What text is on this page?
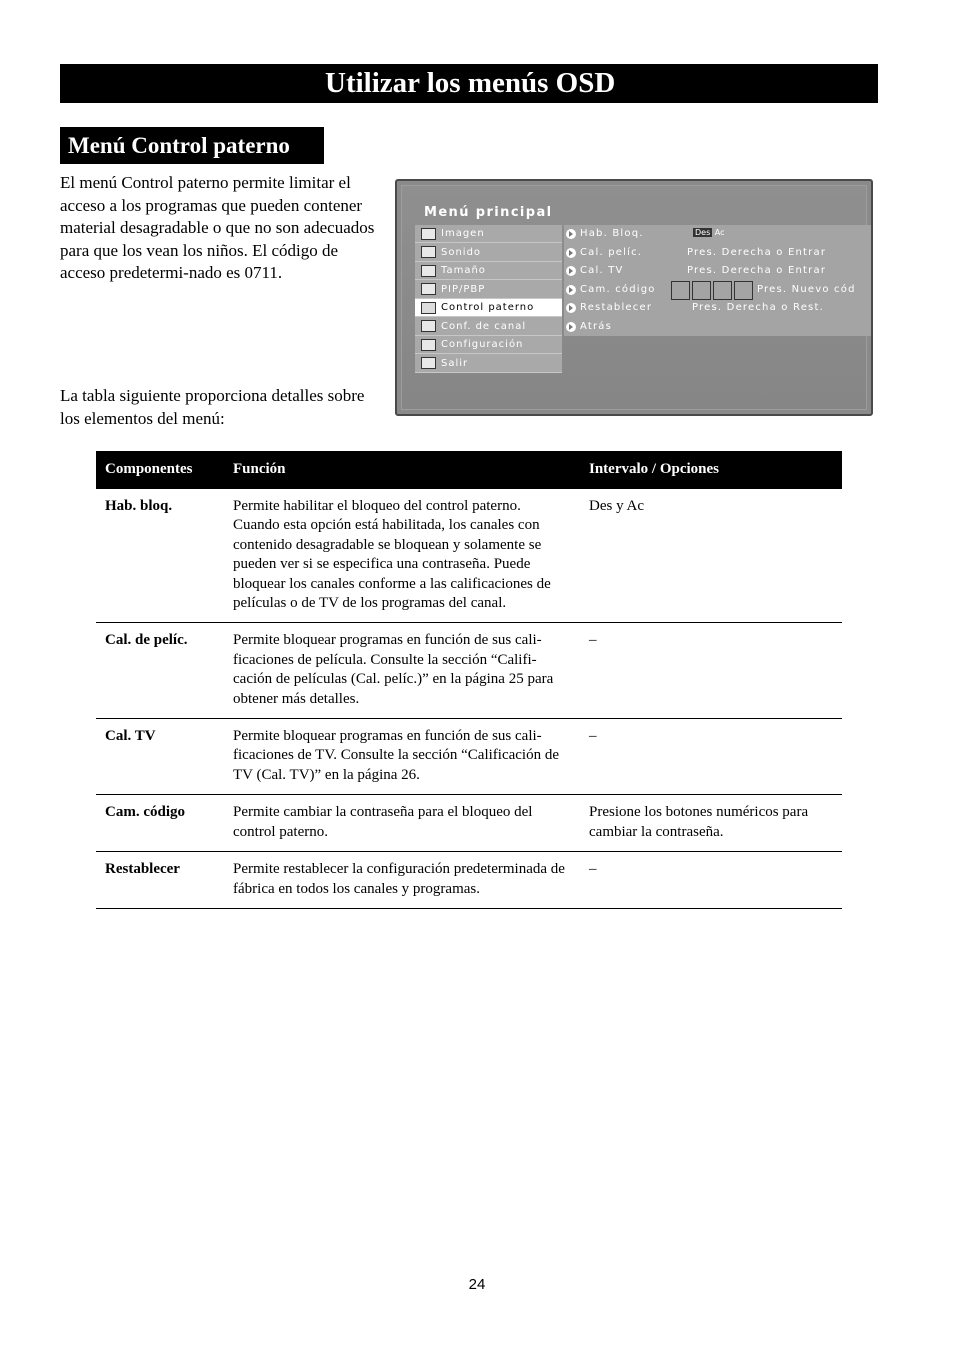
Utilizar los menús OSD
Menú Control paterno

El menú Control paterno permite limitar el acceso a los programas que pueden contener material desagradable o que no son adecuados para que los vean los niños. El código de acceso predetermi-nado es 0711.

La tabla siguiente proporciona detalles sobre los elementos del menú:

Menú principal
Imagen
Sonido
Tamaño
PIP/PBP
Control paterno
Conf. de canal
Configuración
Salir
Hab. Bloq.	Des Ac
Cal. pelíc.	Pres. Derecha o Entrar
Cal. TV	Pres. Derecha o Entrar
Cam. código	Pres. Nuevo cód
Restablecer	Pres. Derecha o Rest.
Atrás
Componentes	Función	Intervalo / Opciones
Hab. bloq.	Permite habilitar el bloqueo del control paterno. Cuando esta opción está habilitada, los canales con contenido desagradable se bloquean y solamente se pueden ver si se especifica una contraseña. Puede bloquear los canales conforme a las calificaciones de películas o de TV de los programas del canal.	Des y Ac
Cal. de pelíc.	Permite bloquear programas en función de sus cali-ficaciones de película. Consulte la sección “Califi-cación de películas (Cal. pelíc.)” en la página 25 para obtener más detalles.	–
Cal. TV	Permite bloquear programas en función de sus cali-ficaciones de TV. Consulte la sección “Calificación de TV (Cal. TV)” en la página 26.	–
Cam. código	Permite cambiar la contraseña para el bloqueo del control paterno.	Presione los botones numéricos para cambiar la contraseña.
Restablecer	Permite restablecer la configuración predeterminada de fábrica en todos los canales y programas.	–
24
